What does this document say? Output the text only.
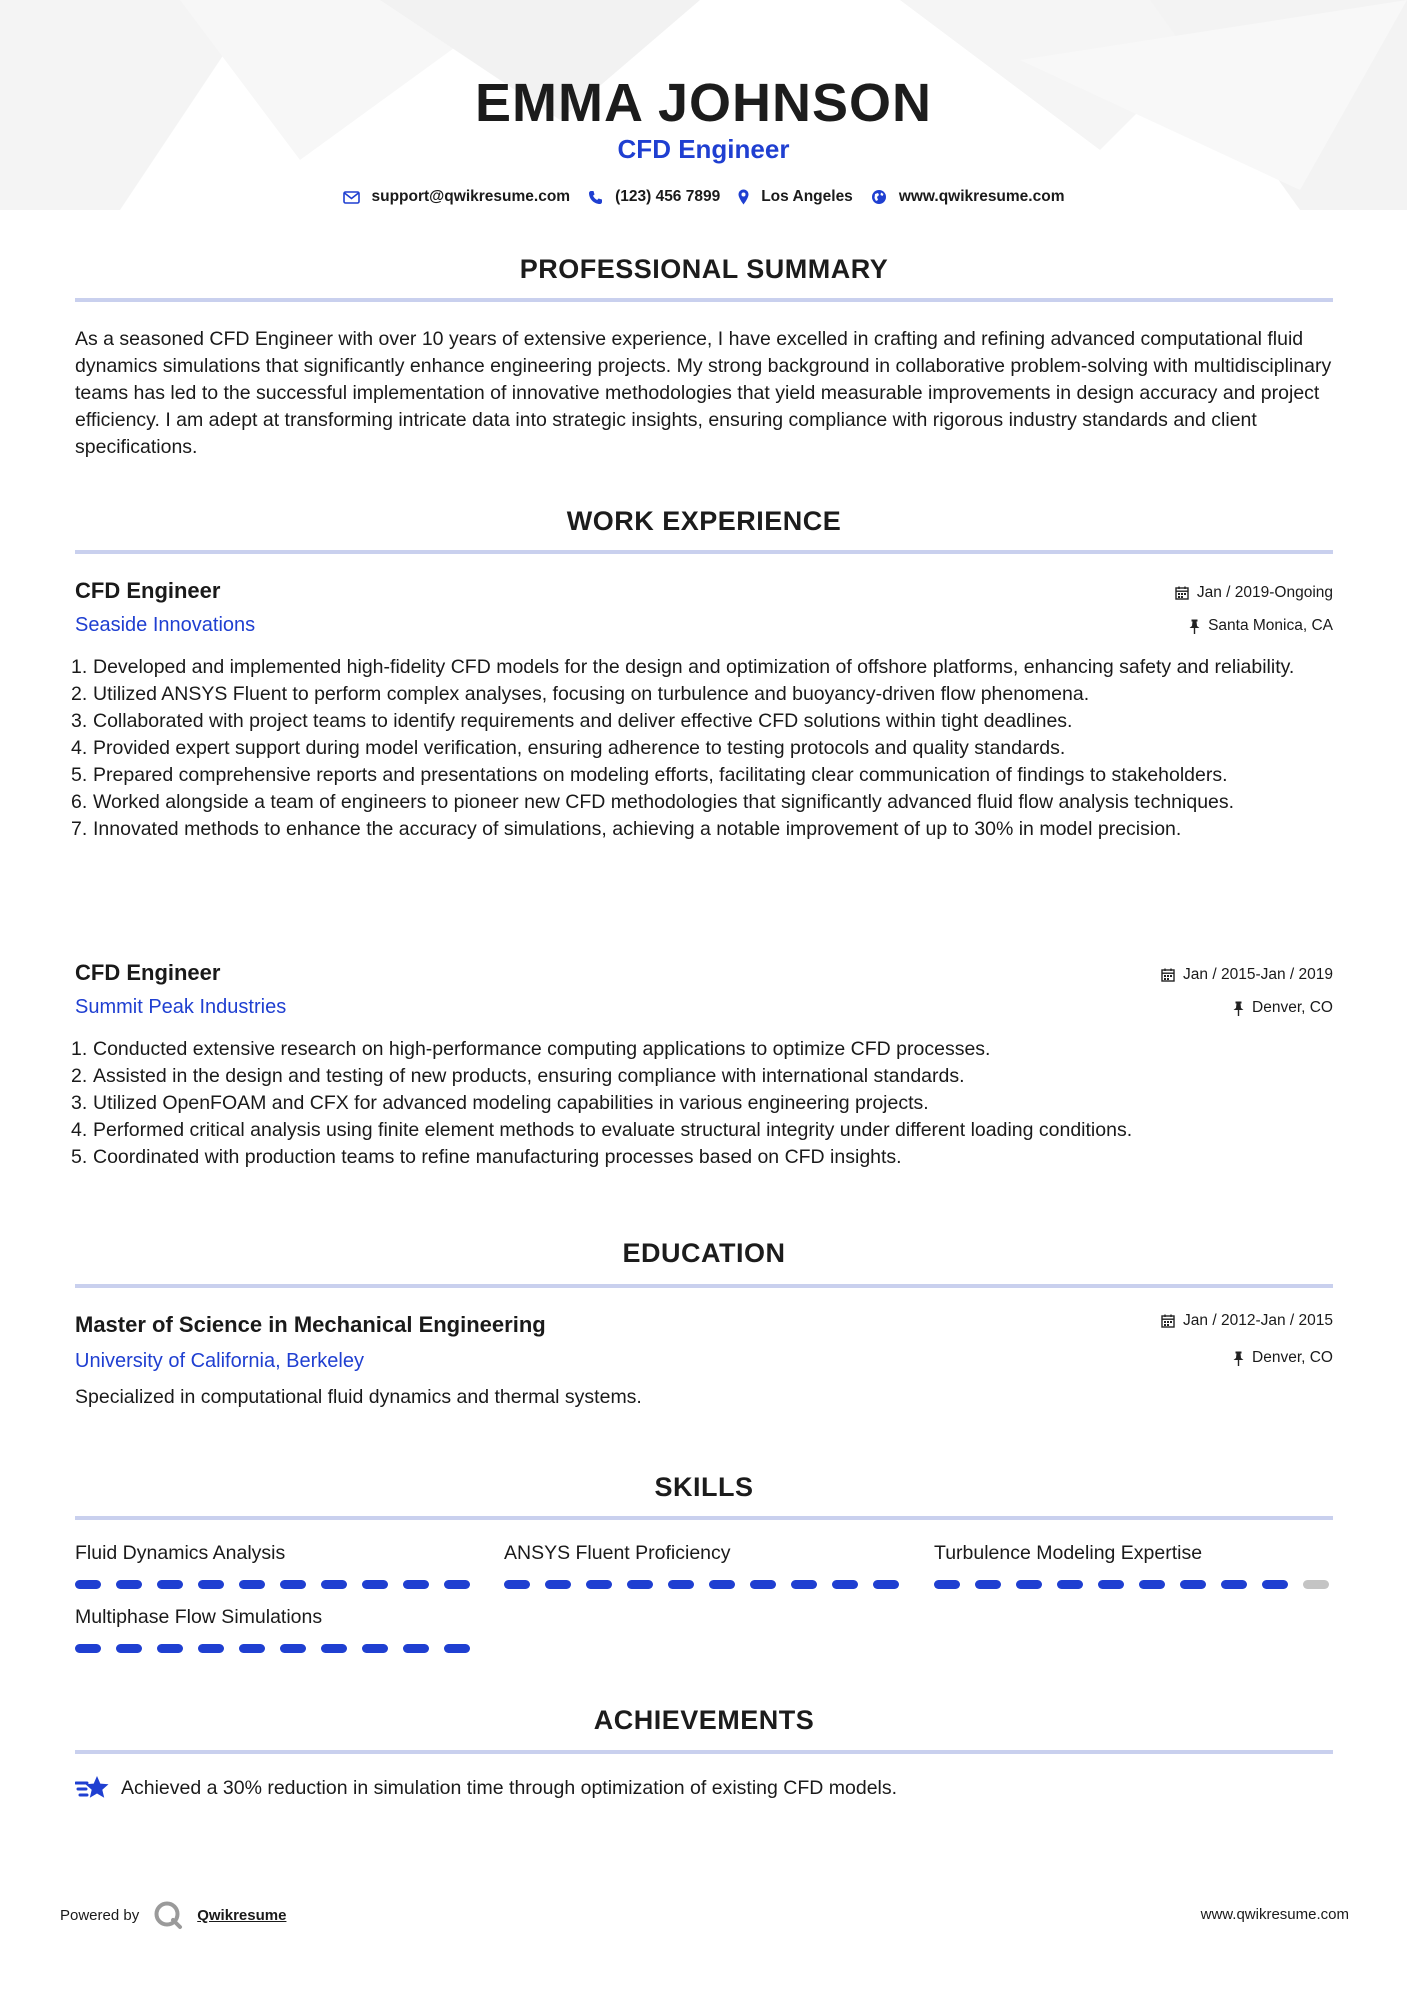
EMMA JOHNSON
CFD Engineer
support@qwikresume.com	(123) 456 7899	Los Angeles	www.qwikresume.com
PROFESSIONAL SUMMARY
As a seasoned CFD Engineer with over 10 years of extensive experience, I have excelled in crafting and refining advanced computational fluid dynamics simulations that significantly enhance engineering projects. My strong background in collaborative problem-solving with multidisciplinary teams has led to the successful implementation of innovative methodologies that yield measurable improvements in design accuracy and project efficiency. I am adept at transforming intricate data into strategic insights, ensuring compliance with rigorous industry standards and client specifications.
WORK EXPERIENCE
CFD Engineer
Seaside Innovations
Jan / 2019-Ongoing
Santa Monica, CA
1. Developed and implemented high-fidelity CFD models for the design and optimization of offshore platforms, enhancing safety and reliability.
2. Utilized ANSYS Fluent to perform complex analyses, focusing on turbulence and buoyancy-driven flow phenomena.
3. Collaborated with project teams to identify requirements and deliver effective CFD solutions within tight deadlines.
4. Provided expert support during model verification, ensuring adherence to testing protocols and quality standards.
5. Prepared comprehensive reports and presentations on modeling efforts, facilitating clear communication of findings to stakeholders.
6. Worked alongside a team of engineers to pioneer new CFD methodologies that significantly advanced fluid flow analysis techniques.
7. Innovated methods to enhance the accuracy of simulations, achieving a notable improvement of up to 30% in model precision.
CFD Engineer
Summit Peak Industries
Jan / 2015-Jan / 2019
Denver, CO
1. Conducted extensive research on high-performance computing applications to optimize CFD processes.
2. Assisted in the design and testing of new products, ensuring compliance with international standards.
3. Utilized OpenFOAM and CFX for advanced modeling capabilities in various engineering projects.
4. Performed critical analysis using finite element methods to evaluate structural integrity under different loading conditions.
5. Coordinated with production teams to refine manufacturing processes based on CFD insights.
EDUCATION
Master of Science in Mechanical Engineering
University of California, Berkeley
Jan / 2012-Jan / 2015
Denver, CO
Specialized in computational fluid dynamics and thermal systems.
SKILLS
Fluid Dynamics Analysis	ANSYS Fluent Proficiency	Turbulence Modeling Expertise
Multiphase Flow Simulations
ACHIEVEMENTS
Achieved a 30% reduction in simulation time through optimization of existing CFD models.
Powered by	Qwikresume	www.qwikresume.com
